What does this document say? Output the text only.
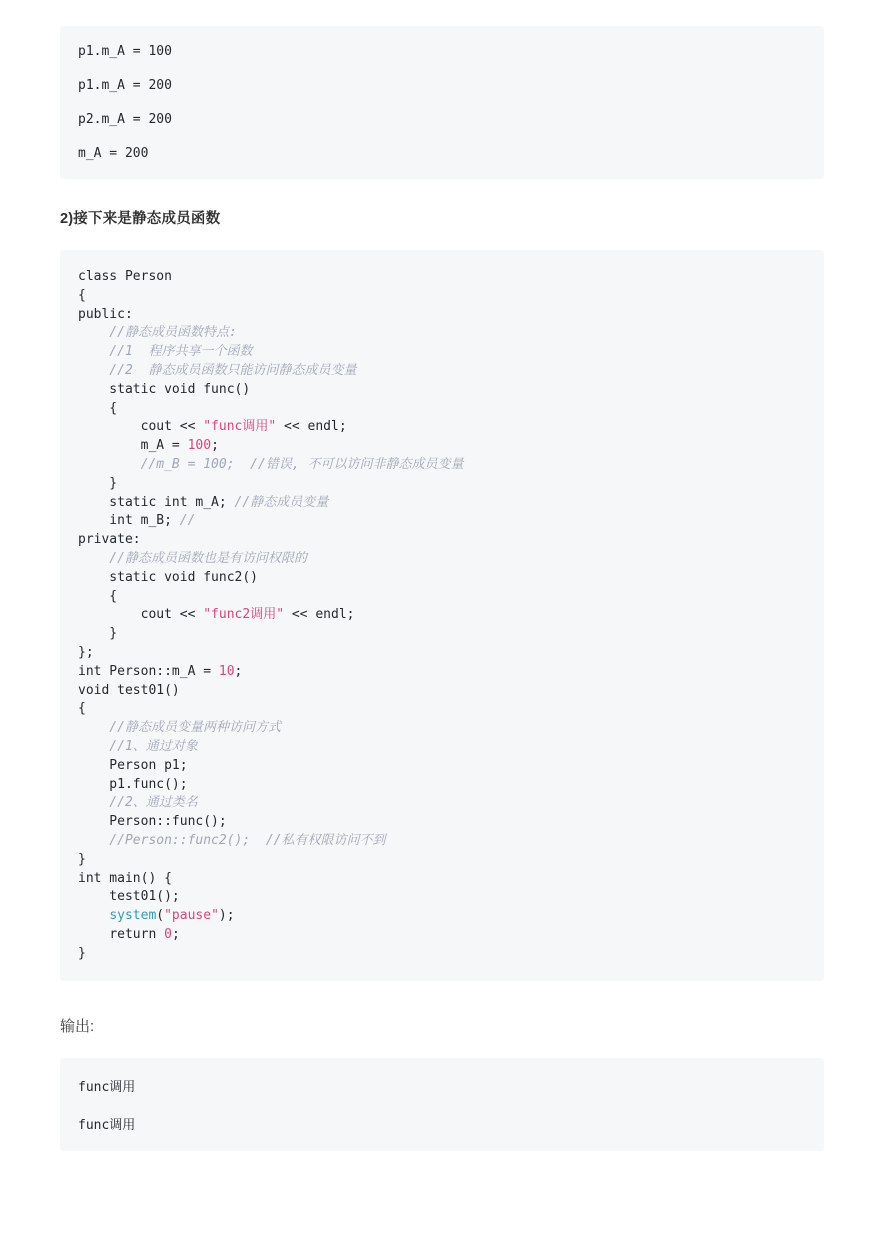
p1.m_A = 100
p1.m_A = 200
p2.m_A = 200
m_A = 200
2)接下来是静态成员函数
class Person
{
public:
//静态成员函数特点:
//1  程序共享一个函数
//2  静态成员函数只能访问静态成员变量
static void func()
{
cout << "func调用" << endl;
m_A = 100;
//m_B = 100;  //错误, 不可以访问非静态成员变量
}
static int m_A; //静态成员变量
int m_B; //
private:
//静态成员函数也是有访问权限的
static void func2()
{
cout << "func2调用" << endl;
}
};
int Person::m_A = 10;
void test01()
{
//静态成员变量两种访问方式
//1、通过对象
Person p1;
p1.func();
//2、通过类名
Person::func();
//Person::func2();  //私有权限访问不到
}
int main() {
test01();
system("pause");
return 0;
}
输出:
func调用
func调用
